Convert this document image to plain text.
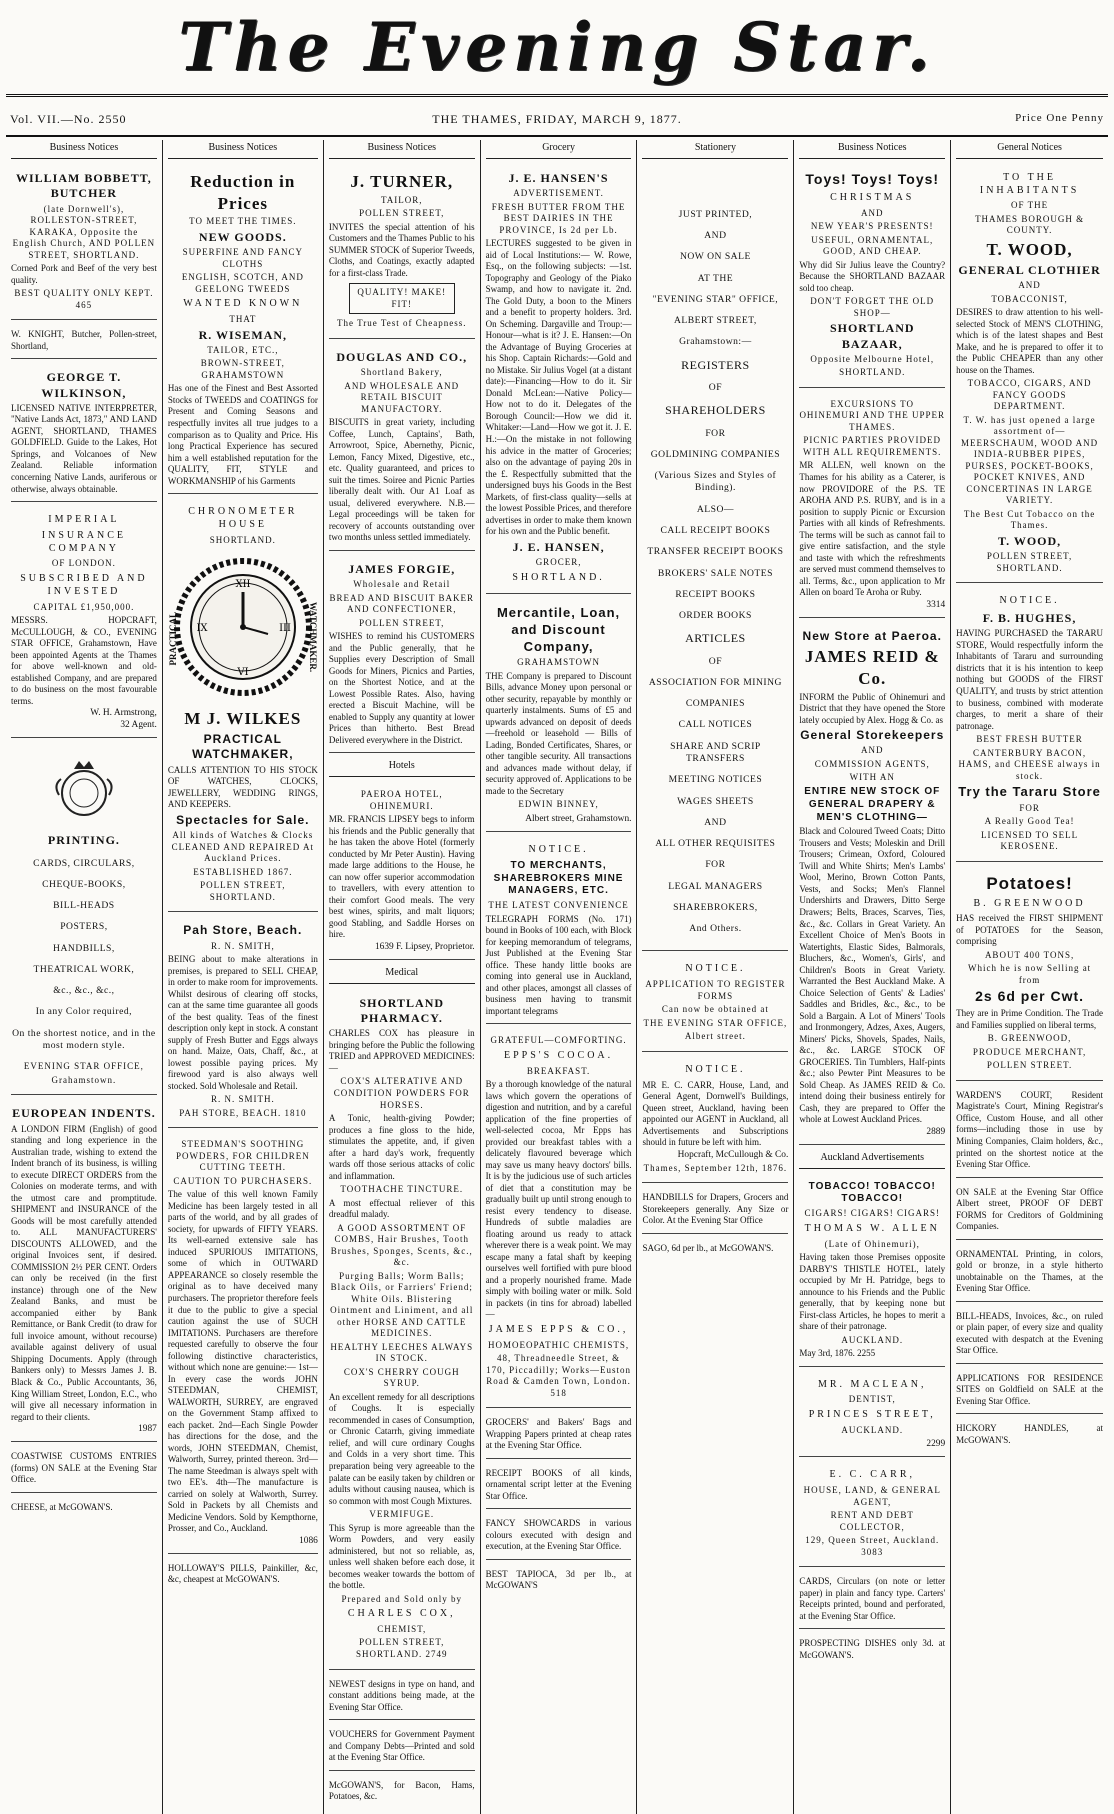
The Evening Star.
Vol. VII.—No. 2550	THE THAMES, FRIDAY, MARCH 9, 1877.	Price One Penny
Business Notices
WILLIAM BOBBETT, BUTCHER
(late Dornwell's), ROLLESTON-STREET, KARAKA, Opposite the English Church, AND POLLEN STREET, SHORTLAND.
Corned Pork and Beef of the very best quality.
BEST QUALITY ONLY KEPT. 465
W. KNIGHT, Butcher, Pollen-street, Shortland,
GEORGE T. WILKINSON,
LICENSED NATIVE INTERPRETER, "Native Lands Act, 1873," AND LAND AGENT, SHORTLAND, THAMES GOLDFIELD. Guide to the Lakes, Hot Springs, and Volcanoes of New Zealand. Reliable information concerning Native Lands, auriferous or otherwise, always obtainable.
IMPERIAL
INSURANCE COMPANY
OF LONDON.
SUBSCRIBED AND INVESTED
CAPITAL £1,950,000.
MESSRS. HOPCRAFT, McCULLOUGH, & CO., EVENING STAR OFFICE, Grahamstown, Have been appointed Agents at the Thames for above well-known and old-established Company, and are prepared to do business on the most favourable terms.
W. H. Armstrong,
32 Agent.
PRINTING.

CARDS, CIRCULARS,

CHEQUE-BOOKS,

BILL-HEADS

POSTERS,

HANDBILLS,

THEATRICAL WORK,

&c., &c., &c.,

In any Color required,

On the shortest notice, and in the most modern style.

EVENING STAR OFFICE,
Grahamstown.
EUROPEAN INDENTS.
A LONDON FIRM (English) of good standing and long experience in the Australian trade, wishing to extend the Indent branch of its business, is willing to execute DIRECT ORDERS from the Colonies on moderate terms, and with the utmost care and promptitude. SHIPMENT and INSURANCE of the Goods will be most carefully attended to. ALL MANUFACTURERS' DISCOUNTS ALLOWED, and the original Invoices sent, if desired. COMMISSION 2½ PER CENT. Orders can only be received (in the first instance) through one of the New Zealand Banks, and must be accompanied either by Bank Remittance, or Bank Credit (to draw for full invoice amount, without recourse) available against delivery of usual Shipping Documents. Apply (through Bankers only) to Messrs James J. B. Black & Co., Public Accountants, 36, King William Street, London, E.C., who will give all necessary information in regard to their clients.
1987
COASTWISE CUSTOMS ENTRIES (forms) ON SALE at the Evening Star Office.
CHEESE, at McGOWAN'S.
Business Notices
Reduction in Prices
TO MEET THE TIMES.
NEW GOODS.
SUPERFINE AND FANCY CLOTHS
ENGLISH, SCOTCH, AND GEELONG TWEEDS
WANTED KNOWN
THAT
R. WISEMAN,
TAILOR, ETC.,
BROWN-STREET, GRAHAMSTOWN
Has one of the Finest and Best Assorted Stocks of TWEEDS and COATINGS for Present and Coming Seasons and respectfully invites all true judges to a comparison as to Quality and Price. His long Practical Experience has secured him a well established reputation for the QUALITY, FIT, STYLE and WORKMANSHIP of his Garments
CHRONOMETER HOUSE
SHORTLAND.
PRACTICAL	WATCHMAKER.
XII
III
VI
IX
M J. WILKES
PRACTICAL WATCHMAKER,
CALLS ATTENTION TO HIS STOCK OF WATCHES, CLOCKS, JEWELLERY, WEDDING RINGS, AND KEEPERS.
Spectacles for Sale.
All kinds of Watches & Clocks CLEANED AND REPAIRED At Auckland Prices.
ESTABLISHED 1867.
POLLEN STREET, SHORTLAND.
Pah Store, Beach.
R. N. SMITH,
BEING about to make alterations in premises, is prepared to SELL CHEAP, in order to make room for improvements. Whilst desirous of clearing off stocks, can at the same time guarantee all goods of the best quality. Teas of the finest description only kept in stock. A constant supply of Fresh Butter and Eggs always on hand. Maize, Oats, Chaff, &c., at lowest possible paying prices. My firewood yard is also always well stocked. Sold Wholesale and Retail.
R. N. SMITH.
PAH STORE, BEACH. 1810
STEEDMAN'S SOOTHING POWDERS, FOR CHILDREN CUTTING TEETH.
CAUTION TO PURCHASERS.
The value of this well known Family Medicine has been largely tested in all parts of the world, and by all grades of society, for upwards of FIFTY YEARS. Its well-earned extensive sale has induced SPURIOUS IMITATIONS, some of which in OUTWARD APPEARANCE so closely resemble the original as to have deceived many purchasers. The proprietor therefore feels it due to the public to give a special caution against the use of SUCH IMITATIONS. Purchasers are therefore requested carefully to observe the four following distinctive characteristics, without which none are genuine:— 1st—In every case the words JOHN STEEDMAN, CHEMIST, WALWORTH, SURREY, are engraved on the Government Stamp affixed to each packet. 2nd—Each Single Powder has directions for the dose, and the words, JOHN STEEDMAN, Chemist, Walworth, Surrey, printed thereon. 3rd—The name Steedman is always spelt with two EE's. 4th—The manufacture is carried on solely at Walworth, Surrey. Sold in Packets by all Chemists and Medicine Vendors. Sold by Kempthorne, Prosser, and Co., Auckland.
1086
HOLLOWAY'S PILLS, Painkiller, &c, &c, cheapest at McGOWAN'S.
Business Notices
J. TURNER,
TAILOR,
POLLEN STREET,
INVITES the special attention of his Customers and the Thames Public to his SUMMER STOCK of Superior Tweeds, Cloths, and Coatings, exactly adapted for a first-class Trade.
QUALITY! MAKE! FIT!
The True Test of Cheapness.
DOUGLAS AND CO.,
Shortland Bakery,
AND WHOLESALE AND RETAIL BISCUIT MANUFACTORY.
BISCUITS in great variety, including Coffee, Lunch, Captains', Bath, Arrowroot, Spice, Abernethy, Picnic, Lemon, Fancy Mixed, Digestive, etc., etc. Quality guaranteed, and prices to suit the times. Soiree and Picnic Parties liberally dealt with. Our A1 Loaf as usual, delivered everywhere. N.B.—Legal proceedings will be taken for recovery of accounts outstanding over two months unless settled immediately.
JAMES FORGIE,
Wholesale and Retail
BREAD AND BISCUIT BAKER AND CONFECTIONER,
POLLEN STREET,
WISHES to remind his CUSTOMERS and the Public generally, that he Supplies every Description of Small Goods for Miners, Picnics and Parties, on the Shortest Notice, and at the Lowest Possible Rates. Also, having erected a Biscuit Machine, will be enabled to Supply any quantity at lower Prices than hitherto. Best Bread Delivered everywhere in the District.
Hotels
PAEROA HOTEL, OHINEMURI.
MR. FRANCIS LIPSEY begs to inform his friends and the Public generally that he has taken the above Hotel (formerly conducted by Mr Peter Austin). Having made large additions to the House, he can now offer superior accommodation to travellers, with every attention to their comfort Good meals. The very best wines, spirits, and malt liquors; good Stabling, and Saddle Horses on hire.
1639 F. Lipsey, Proprietor.
Medical
SHORTLAND PHARMACY.
CHARLES COX has pleasure in bringing before the Public the following TRIED and APPROVED MEDICINES:—
COX'S ALTERATIVE AND CONDITION POWDERS FOR HORSES.
A Tonic, health-giving Powder; produces a fine gloss to the hide, stimulates the appetite, and, if given after a hard day's work, frequently wards off those serious attacks of colic and inflammation.
TOOTHACHE TINCTURE.
A most effectual reliever of this dreadful malady.
A GOOD ASSORTMENT OF COMBS, Hair Brushes, Tooth Brushes, Sponges, Scents, &c., &c.
Purging Balls; Worm Balls; Black Oils, or Farriers' Friend; White Oils. Blistering Ointment and Liniment, and all other HORSE AND CATTLE MEDICINES.
HEALTHY LEECHES ALWAYS IN STOCK.
COX'S CHERRY COUGH SYRUP.
An excellent remedy for all descriptions of Coughs. It is especially recommended in cases of Consumption, or Chronic Catarrh, giving immediate relief, and will cure ordinary Coughs and Colds in a very short time. This preparation being very agreeable to the palate can be easily taken by children or adults without causing nausea, which is so common with most Cough Mixtures.
VERMIFUGE.
This Syrup is more agreeable than the Worm Powders, and very easily administered, but not so reliable, as, unless well shaken before each dose, it becomes weaker towards the bottom of the bottle.
Prepared and Sold only by
CHARLES COX,
CHEMIST,
POLLEN STREET, SHORTLAND. 2749
NEWEST designs in type on hand, and constant additions being made, at the Evening Star Office.
VOUCHERS for Government Payment and Company Debts—Printed and sold at the Evening Star Office.
McGOWAN'S, for Bacon, Hams, Potatoes, &c.
Grocery
J. E. HANSEN'S
ADVERTISEMENT.
FRESH BUTTER FROM THE BEST DAIRIES IN THE PROVINCE, Is 2d per Lb.
LECTURES suggested to be given in aid of Local Institutions:— W. Rowe, Esq., on the following subjects: —1st. Topography and Geology of the Piako Swamp, and how to navigate it. 2nd. The Gold Duty, a boon to the Miners and a benefit to property holders. 3rd. On Scheming. Dargaville and Troup:—Honour—what is it? J. E. Hansen:—On the Advantage of Buying Groceries at his Shop. Captain Richards:—Gold and no Mistake. Sir Julius Vogel (at a distant date):—Financing—How to do it. Sir Donald McLean:—Native Policy—How not to do it. Delegates of the Borough Council:—How we did it. Whitaker:—Land—How we got it. J. E. H.:—On the mistake in not following his advice in the matter of Groceries; also on the advantage of paying 20s in the £. Respectfully submitted that the undersigned buys his Goods in the Best Markets, of first-class quality—sells at the lowest Possible Prices, and therefore advertises in order to make them known for his own and the Public benefit.
J. E. HANSEN,
GROCER,
SHORTLAND.
Mercantile, Loan, and Discount Company,
GRAHAMSTOWN
THE Company is prepared to Discount Bills, advance Money upon personal or other security, repayable by monthly or quarterly instalments. Sums of £5 and upwards advanced on deposit of deeds—freehold or leasehold — Bills of Lading, Bonded Certificates, Shares, or other tangible security. All transactions and advances made without delay, if security approved of. Applications to be made to the Secretary
EDWIN BINNEY,
Albert street, Grahamstown.
NOTICE.
TO MERCHANTS, SHAREBROKERS MINE MANAGERS, ETC.
THE LATEST CONVENIENCE
TELEGRAPH FORMS (No. 171) bound in Books of 100 each, with Block for keeping memorandum of telegrams, Just Published at the Evening Star office. These handy little books are coming into general use in Auckland, and other places, amongst all classes of business men having to transmit important telegrams
GRATEFUL—COMFORTING.
EPPS'S COCOA.
BREAKFAST.
By a thorough knowledge of the natural laws which govern the operations of digestion and nutrition, and by a careful application of the fine properties of well-selected cocoa, Mr Epps has provided our breakfast tables with a delicately flavoured beverage which may save us many heavy doctors' bills. It is by the judicious use of such articles of diet that a constitution may be gradually built up until strong enough to resist every tendency to disease. Hundreds of subtle maladies are floating around us ready to attack wherever there is a weak point. We may escape many a fatal shaft by keeping ourselves well fortified with pure blood and a properly nourished frame. Made simply with boiling water or milk. Sold in packets (in tins for abroad) labelled—
JAMES EPPS & CO.,
HOMOEOPATHIC CHEMISTS,
48, Threadneedle Street, & 170, Piccadilly; Works—Euston Road & Camden Town, London. 518
GROCERS' and Bakers' Bags and Wrapping Papers printed at cheap rates at the Evening Star Office.
RECEIPT BOOKS of all kinds, ornamental script letter at the Evening Star Office.
FANCY SHOWCARDS in various colours executed with design and execution, at the Evening Star Office.
BEST TAPIOCA, 3d per lb., at McGOWAN'S
Stationery

JUST PRINTED,

AND

NOW ON SALE

AT THE

"EVENING STAR" OFFICE,

ALBERT STREET,

Grahamstown:—

REGISTERS

OF

SHAREHOLDERS

FOR

GOLDMINING COMPANIES

(Various Sizes and Styles of Binding).

ALSO—

CALL RECEIPT BOOKS

TRANSFER RECEIPT BOOKS

BROKERS' SALE NOTES

RECEIPT BOOKS

ORDER BOOKS

ARTICLES

OF

ASSOCIATION FOR MINING

COMPANIES

CALL NOTICES

SHARE AND SCRIP TRANSFERS

MEETING NOTICES

WAGES SHEETS

AND

ALL OTHER REQUISITES

FOR

LEGAL MANAGERS

SHAREBROKERS,

And Others.

NOTICE.
APPLICATION TO REGISTER FORMS
Can now be obtained at
THE EVENING STAR OFFICE,
Albert street.
NOTICE.
MR E. C. CARR, House, Land, and General Agent, Dornwell's Buildings, Queen street, Auckland, having been appointed our AGENT in Auckland, all Advertisements and Subscriptions should in future be left with him.
Hopcraft, McCullough & Co.
Thames, September 12th, 1876.
HANDBILLS for Drapers, Grocers and Storekeepers generally. Any Size or Color. At the Evening Star Office
SAGO, 6d per lb., at McGOWAN'S.
Business Notices
Toys! Toys! Toys!
CHRISTMAS
AND
NEW YEAR'S PRESENTS!
USEFUL, ORNAMENTAL, GOOD, AND CHEAP.
Why did Sir Julius leave the Country? Because the SHORTLAND BAZAAR sold too cheap.
DON'T FORGET THE OLD SHOP—
SHORTLAND BAZAAR,
Opposite Melbourne Hotel,
SHORTLAND.
EXCURSIONS TO OHINEMURI AND THE UPPER THAMES.
PICNIC PARTIES PROVIDED WITH ALL REQUIREMENTS.
MR ALLEN, well known on the Thames for his ability as a Caterer, is now PROVIDORE of the P.S. TE AROHA AND P.S. RUBY, and is in a position to supply Picnic or Excursion Parties with all kinds of Refreshments. The terms will be such as cannot fail to give entire satisfaction, and the style and taste with which the refreshments are served must commend themselves to all. Terms, &c., upon application to Mr Allen on board Te Aroha or Ruby.
3314
New Store at Paeroa.
JAMES REID & Co.
INFORM the Public of Ohinemuri and District that they have opened the Store lately occupied by Alex. Hogg & Co. as
General Storekeepers
AND
COMMISSION AGENTS,
WITH AN
ENTIRE NEW STOCK OF GENERAL DRAPERY & MEN'S CLOTHING—
Black and Coloured Tweed Coats; Ditto Trousers and Vests; Moleskin and Drill Trousers; Crimean, Oxford, Coloured Twill and White Shirts; Men's Lambs' Wool, Merino, Brown Cotton Pants, Vests, and Socks; Men's Flannel Undershirts and Drawers, Ditto Serge Drawers; Belts, Braces, Scarves, Ties, &c., &c. Collars in Great Variety. An Excellent Choice of Men's Boots in Watertights, Elastic Sides, Balmorals, Bluchers, &c., Women's, Girls', and Children's Boots in Great Variety. Warranted the Best Auckland Make. A Choice Selection of Gents' & Ladies' Saddles and Bridles, &c., &c., to be Sold a Bargain. A Lot of Miners' Tools and Ironmongery, Adzes, Axes, Augers, Miners' Picks, Shovels, Spades, Nails, &c., &c. LARGE STOCK OF GROCERIES. Tin Tumblers, Half-pints &c.; also Pewter Pint Measures to be Sold Cheap. As JAMES REID & Co. intend doing their business entirely for Cash, they are prepared to Offer the whole at Lowest Auckland Prices.
2889
Auckland Advertisements
TOBACCO! TOBACCO! TOBACCO!
CIGARS! CIGARS! CIGARS!
THOMAS W. ALLEN
(Late of Ohinemuri),
Having taken those Premises opposite DARBY'S THISTLE HOTEL, lately occupied by Mr H. Patridge, begs to announce to his Friends and the Public generally, that by keeping none but First-class Articles, he hopes to merit a share of their patronage.
AUCKLAND.
May 3rd, 1876. 2255
MR. MACLEAN,
DENTIST,
PRINCES STREET,
AUCKLAND.
2299
E. C. CARR,
HOUSE, LAND, & GENERAL AGENT,
RENT AND DEBT COLLECTOR,
129, Queen Street, Auckland. 3083
CARDS, Circulars (on note or letter paper) in plain and fancy type. Carters' Receipts printed, bound and perforated, at the Evening Star Office.
PROSPECTING DISHES only 3d. at McGOWAN'S.
General Notices
TO THE INHABITANTS
OF THE
THAMES BOROUGH & COUNTY.
T. WOOD,
GENERAL CLOTHIER
AND
TOBACCONIST,
DESIRES to draw attention to his well-selected Stock of MEN'S CLOTHING, which is of the latest shapes and Best Make, and he is prepared to offer it to the Public CHEAPER than any other house on the Thames.
TOBACCO, CIGARS, AND FANCY GOODS DEPARTMENT.
T. W. has just opened a large assortment of— MEERSCHAUM, WOOD AND INDIA-RUBBER PIPES, PURSES, POCKET-BOOKS, POCKET KNIVES, AND CONCERTINAS IN LARGE VARIETY.
The Best Cut Tobacco on the Thames.
T. WOOD,
POLLEN STREET, SHORTLAND.
NOTICE.
F. B. HUGHES,
HAVING PURCHASED the TARARU STORE, Would respectfully inform the Inhabitants of Tararu and surrounding districts that it is his intention to keep nothing but GOODS of the FIRST QUALITY, and trusts by strict attention to business, combined with moderate charges, to merit a share of their patronage.
BEST FRESH BUTTER
CANTERBURY BACON, HAMS, and CHEESE always in stock.
Try the Tararu Store
FOR
A Really Good Tea!
LICENSED TO SELL KEROSENE.
Potatoes!
B. GREENWOOD
HAS received the FIRST SHIPMENT of POTATOES for the Season, comprising
ABOUT 400 TONS,
Which he is now Selling at from
2s 6d per Cwt.
They are in Prime Condition. The Trade and Families supplied on liberal terms,
B. GREENWOOD,
PRODUCE MERCHANT,
POLLEN STREET.
WARDEN'S COURT, Resident Magistrate's Court, Mining Registrar's Office, Custom House, and all other forms—including those in use by Mining Companies, Claim holders, &c., printed on the shortest notice at the Evening Star Office.
ON SALE at the Evening Star Office Albert street, PROOF OF DEBT FORMS for Creditors of Goldmining Companies.
ORNAMENTAL Printing, in colors, gold or bronze, in a style hitherto unobtainable on the Thames, at the Evening Star Office.
BILL-HEADS, Invoices, &c., on ruled or plain paper, of every size and quality executed with despatch at the Evening Star Office.
APPLICATIONS FOR RESIDENCE SITES on Goldfield on SALE at the Evening Star Office.
HICKORY HANDLES, at McGOWAN'S.
